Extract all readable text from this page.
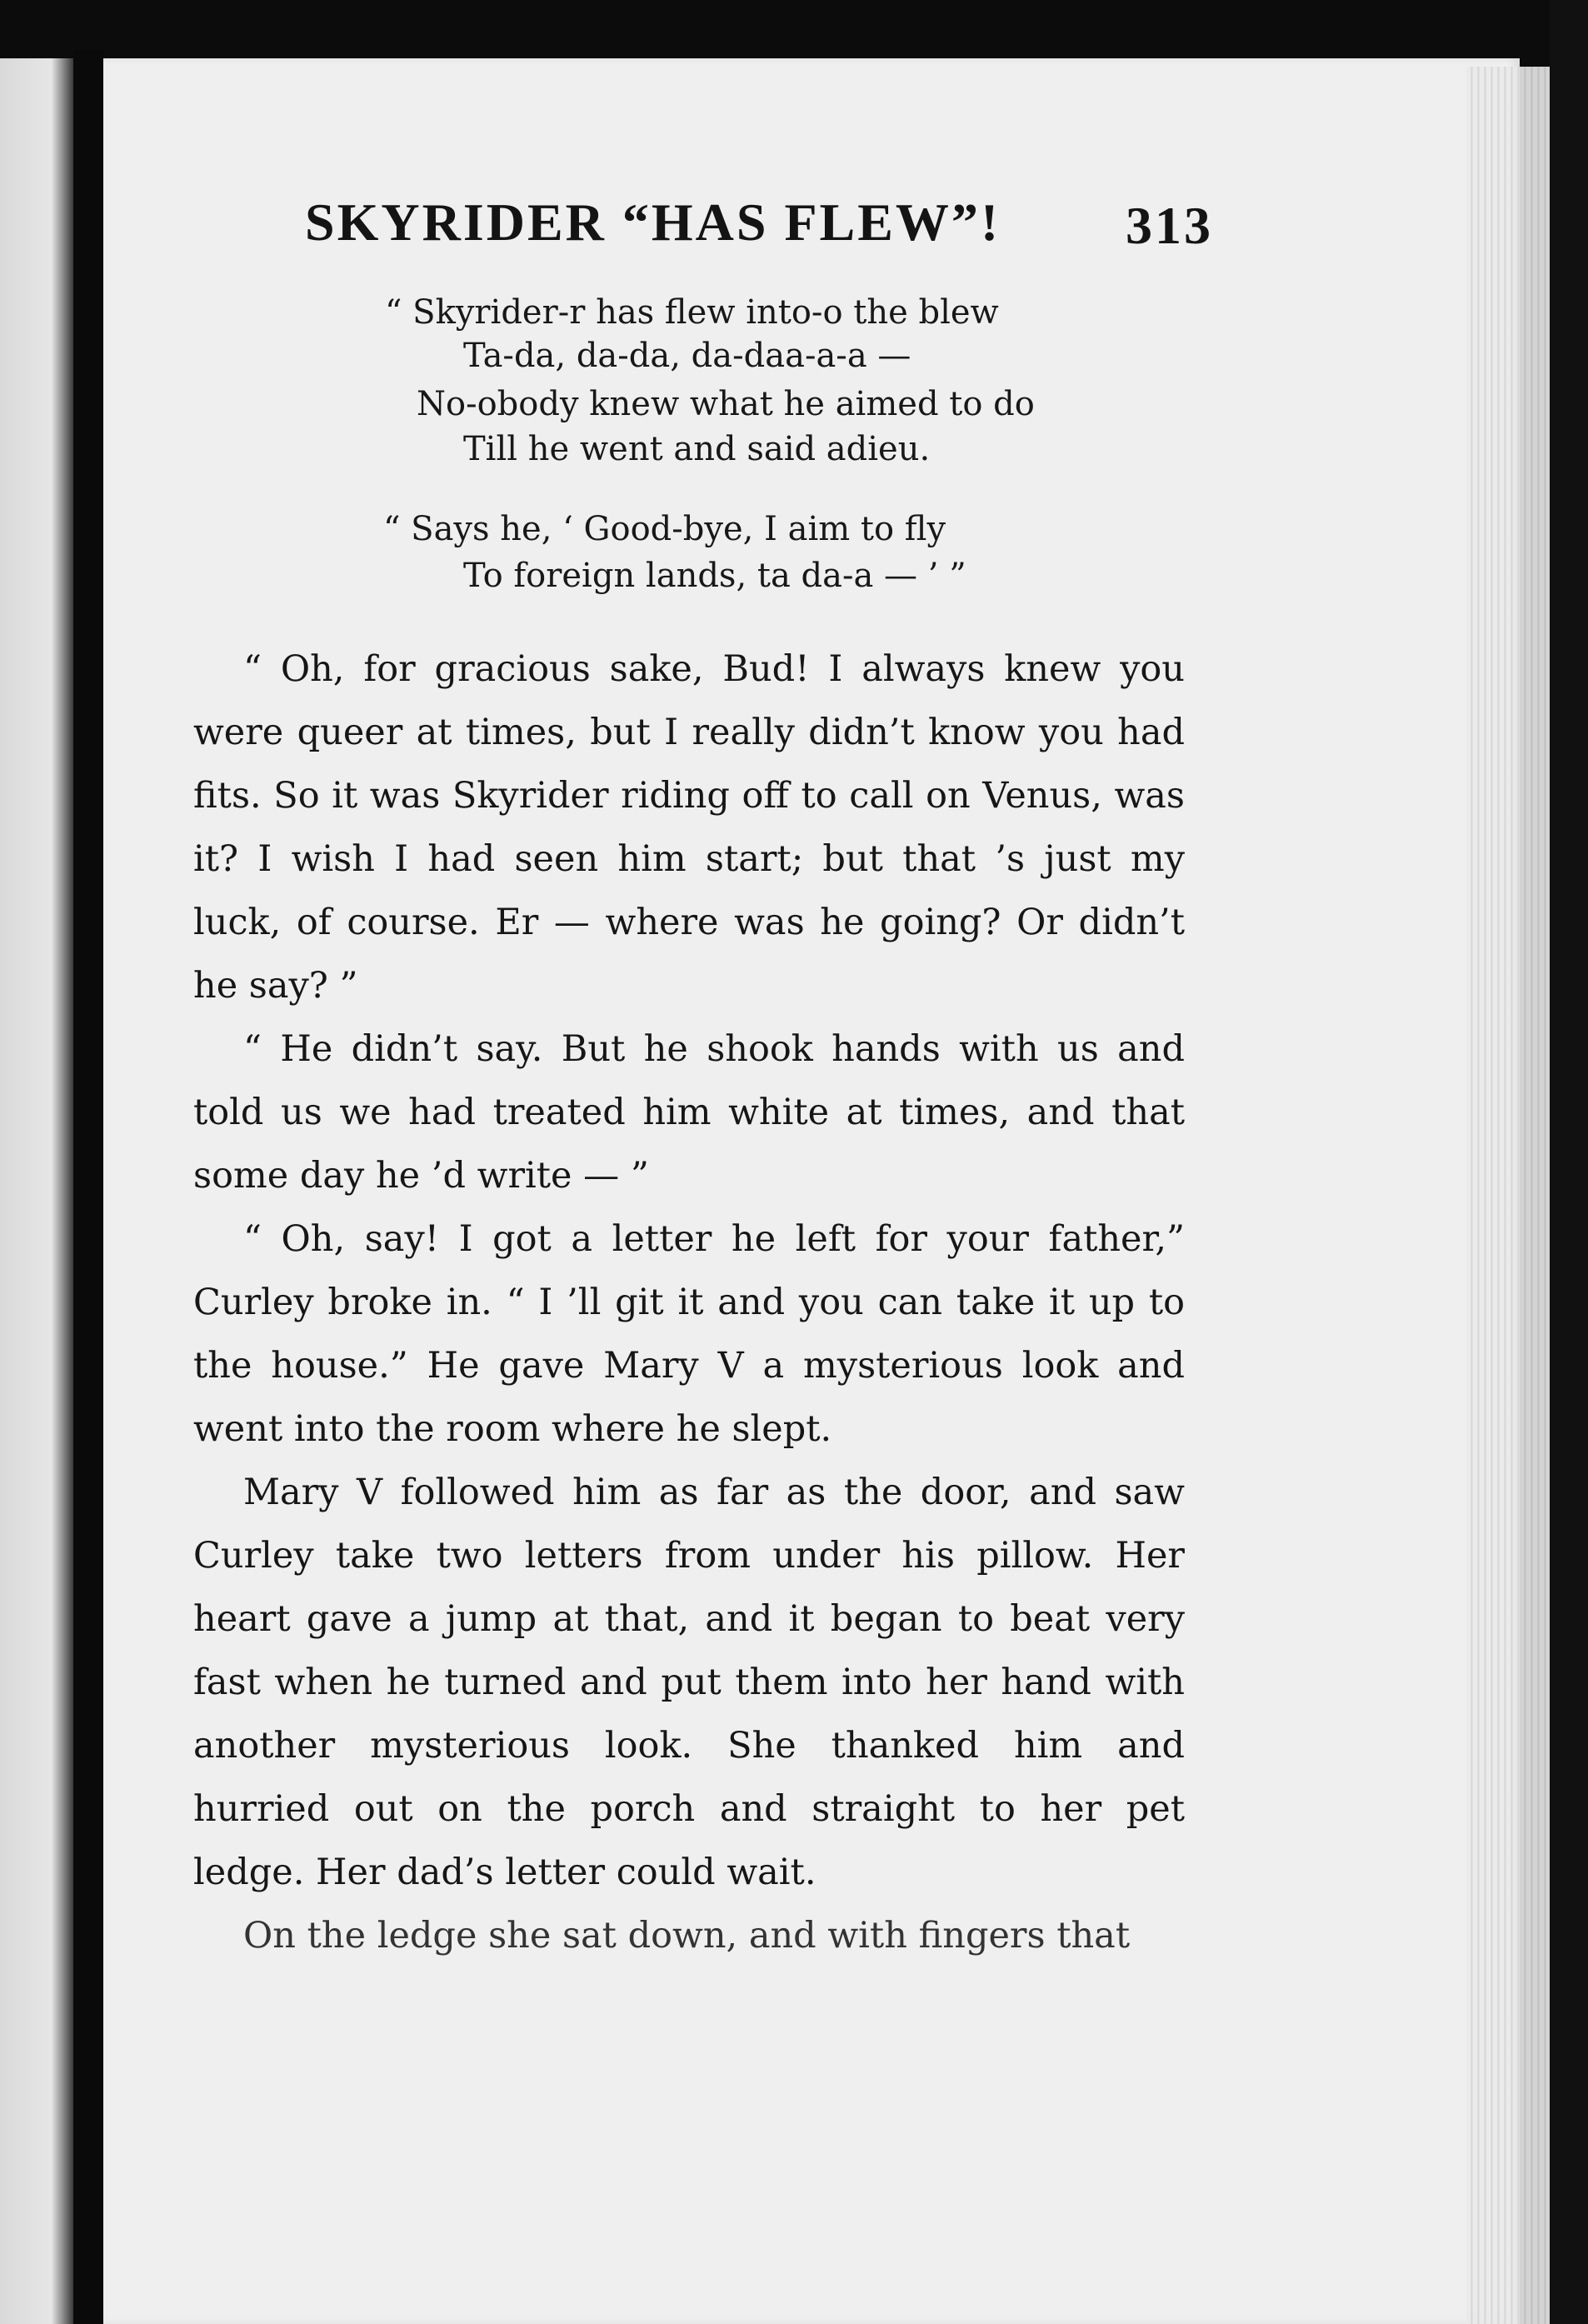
SKYRIDER “HAS FLEW”! 313
“ Skyrider-r has flew into-o the blew
Ta-da, da-da, da-daa-a-a —
No-obody knew what he aimed to do
Till he went and said adieu.
“ Says he, ‘ Good-bye, I aim to fly
To foreign lands, ta da-a — ’ ”

“ Oh, for gracious sake, Bud! I always knew you were queer at times, but I really didn’t know you had fits. So it was Skyrider riding off to call on Venus, was it? I wish I had seen him start; but that ’s just my luck, of course. Er — where was he going? Or didn’t he say? ”

“ He didn’t say. But he shook hands with us and told us we had treated him white at times, and that some day he ’d write — ”

“ Oh, say! I got a letter he left for your father,” Curley broke in. “ I ’ll git it and you can take it up to the house.” He gave Mary V a mysterious look and went into the room where he slept.

Mary V followed him as far as the door, and saw Curley take two letters from under his pillow. Her heart gave a jump at that, and it began to beat very fast when he turned and put them into her hand with another mysterious look. She thanked him and hurried out on the porch and straight to her pet ledge. Her dad’s letter could wait.

On the ledge she sat down, and with fingers that
